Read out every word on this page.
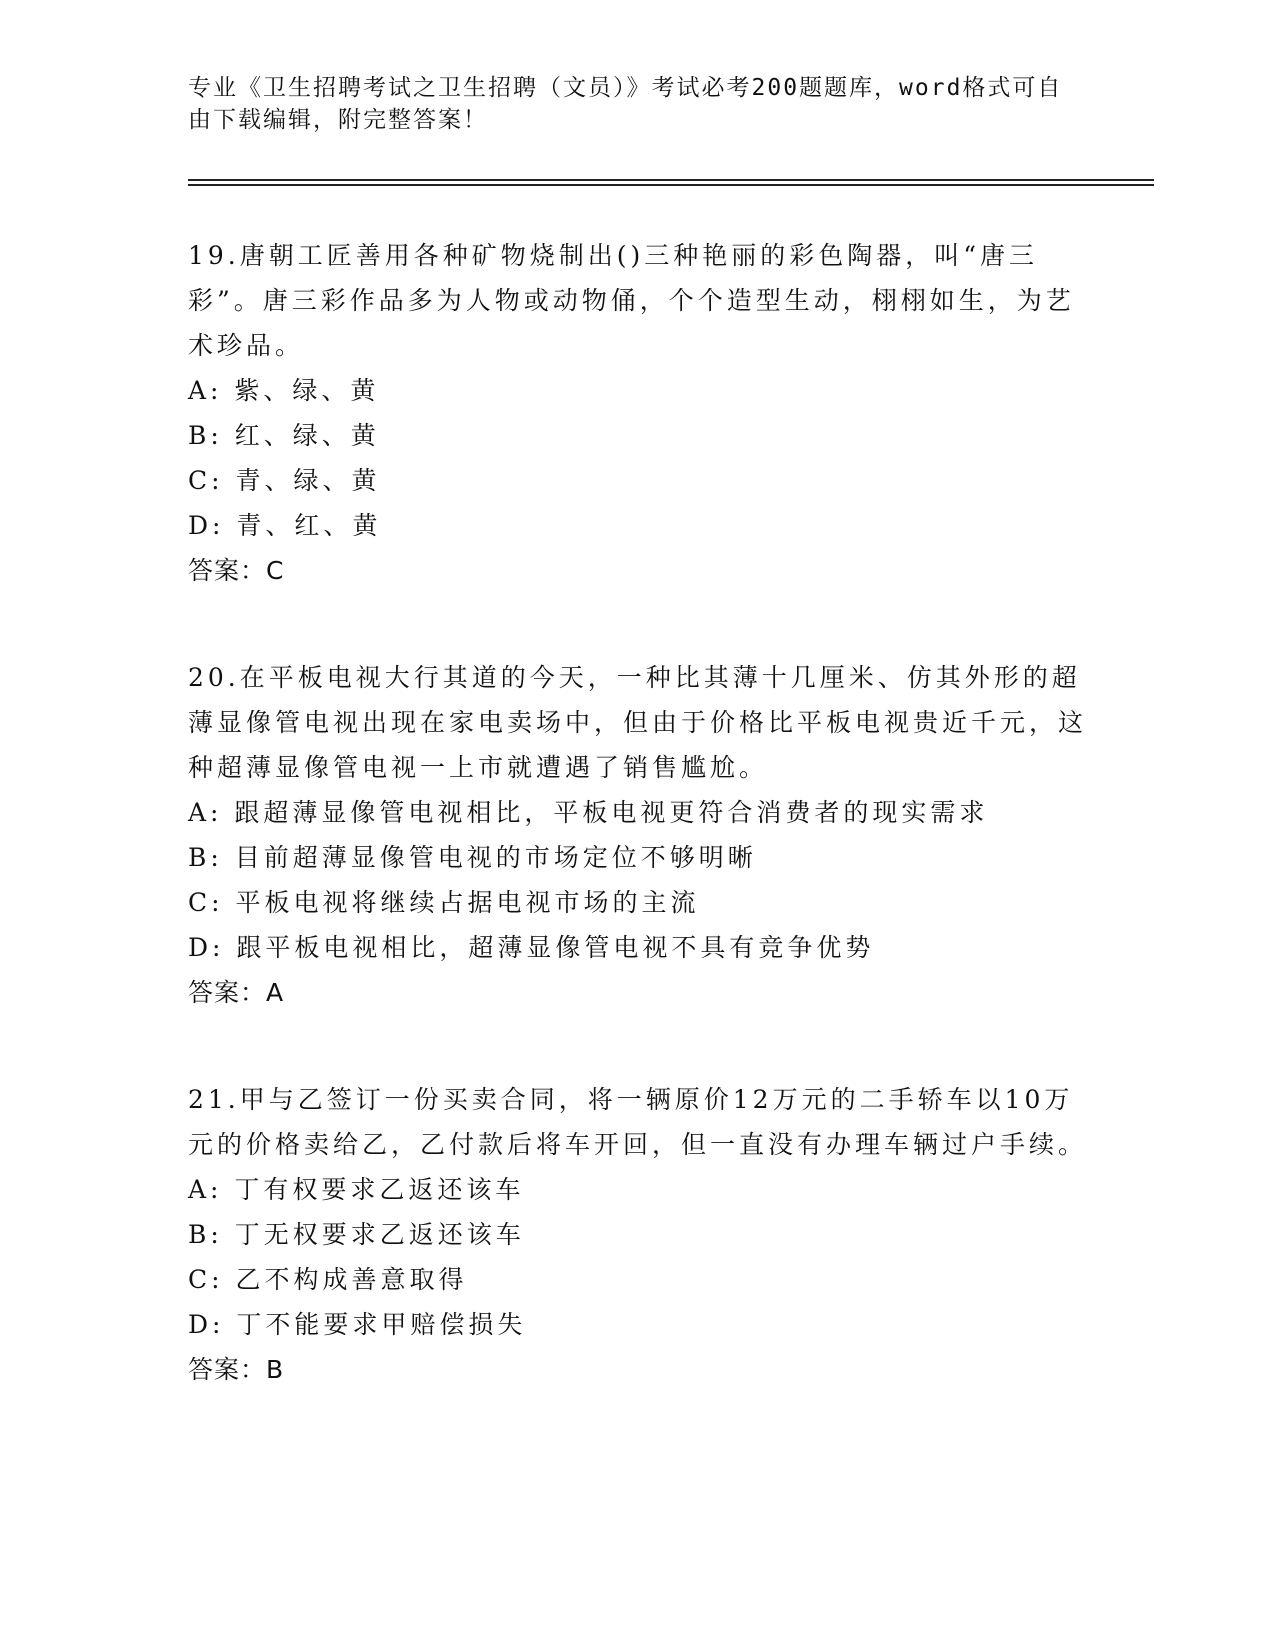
专业《卫生招聘考试之卫生招聘（文员）》考试必考200题题库，word格式可自由下载编辑，附完整答案！

19.唐朝工匠善用各种矿物烧制出()三种艳丽的彩色陶器，叫“唐三彩”。唐三彩作品多为人物或动物俑，个个造型生动，栩栩如生，为艺术珍品。

A: 紫、绿、黄

B: 红、绿、黄

C: 青、绿、黄

D: 青、红、黄

答案：C

20.在平板电视大行其道的今天，一种比其薄十几厘米、仿其外形的超薄显像管电视出现在家电卖场中，但由于价格比平板电视贵近千元，这种超薄显像管电视一上市就遭遇了销售尴尬。

A: 跟超薄显像管电视相比，平板电视更符合消费者的现实需求

B: 目前超薄显像管电视的市场定位不够明晰

C: 平板电视将继续占据电视市场的主流

D: 跟平板电视相比，超薄显像管电视不具有竞争优势

答案：A

21.甲与乙签订一份买卖合同，将一辆原价12万元的二手轿车以10万元的价格卖给乙，乙付款后将车开回，但一直没有办理车辆过户手续。

A: 丁有权要求乙返还该车

B: 丁无权要求乙返还该车

C: 乙不构成善意取得

D: 丁不能要求甲赔偿损失

答案：B
